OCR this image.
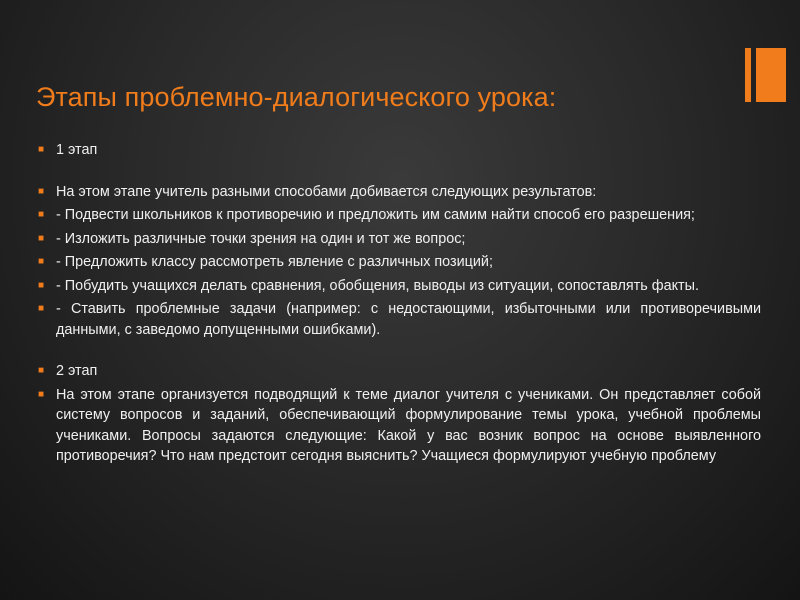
Этапы проблемно-диалогического урока:
■ 1 этап
■ На этом этапе учитель разными способами добивается следующих результатов:
■ - Подвести школьников к противоречию и предложить им самим найти способ его разрешения;
■ - Изложить различные точки зрения на один и тот же вопрос;
■ - Предложить классу рассмотреть явление с различных позиций;
■ - Побудить учащихся делать сравнения, обобщения, выводы из ситуации, сопоставлять факты.
■ - Ставить проблемные задачи (например: с недостающими, избыточными или противоречивыми данными, с заведомо допущенными ошибками).
■ 2 этап
■ На этом этапе организуется подводящий к теме диалог учителя с учениками. Он представляет собой систему вопросов и заданий, обеспечивающий формулирование темы урока, учебной проблемы учениками. Вопросы задаются следующие: Какой у вас возник вопрос на основе выявленного противоречия? Что нам предстоит сегодня выяснить? Учащиеся формулируют учебную проблему
